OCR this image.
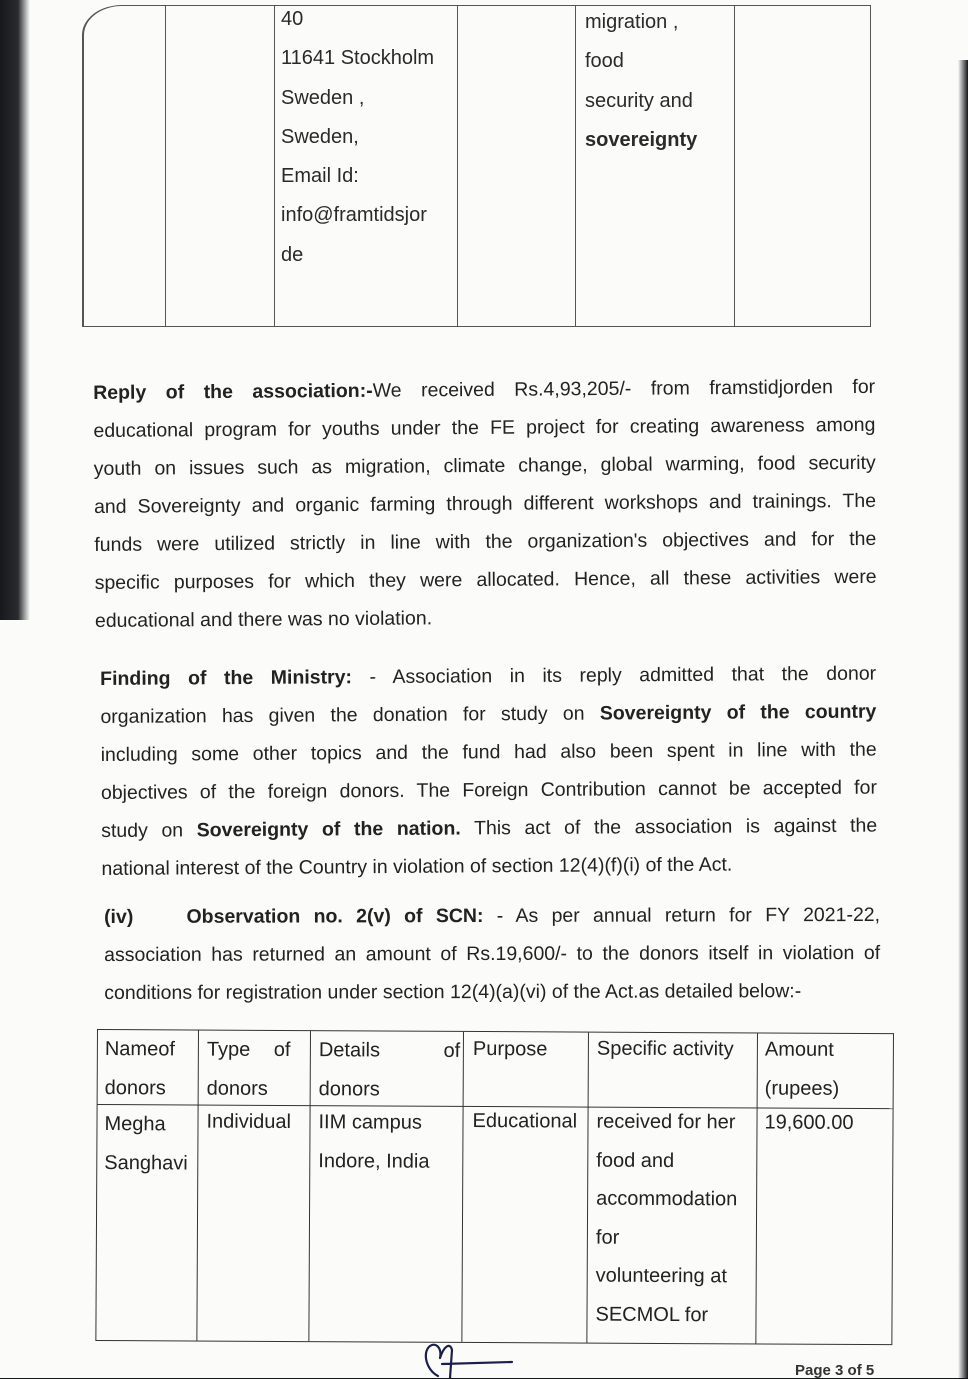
40
11641 Stockholm
Sweden ,
Sweden,
Email Id:
info@framtidsjor
de
migration ,
food
security and
sovereignty
Reply of the association:-We received Rs.4,93,205/- from framstidjorden for
educational program for youths under the FE project for creating awareness among
youth on issues such as migration, climate change, global warming, food security
and Sovereignty and organic farming through different workshops and trainings. The
funds were utilized strictly in line with the organization's objectives and for the
specific purposes for which they were allocated. Hence, all these activities were
educational and there was no violation.
Finding of the Ministry: - Association in its reply admitted that the donor
organization has given the donation for study on Sovereignty of the country
including some other topics and the fund had also been spent in line with the
objectives of the foreign donors. The Foreign Contribution cannot be accepted for
study on Sovereignty of the nation. This act of the association is against the
national interest of the Country in violation of section 12(4)(f)(i) of the Act.
(iv)	Observation no. 2(v) of SCN: - As per annual return for FY 2021-22,
association has returned an amount of Rs.19,600/- to the donors itself in violation of
conditions for registration under section 12(4)(a)(vi) of the Act.as detailed below:-
Nameof
donors
Type of
donors
Details of
donors
Purpose Specific activity Amount
(rupees)
Megha
Sanghavi
Individual IIM campus
Indore, India
Educational received for her
food and
accommodation
for
volunteering at
SECMOL for
19,600.00
Page 3 of 5
